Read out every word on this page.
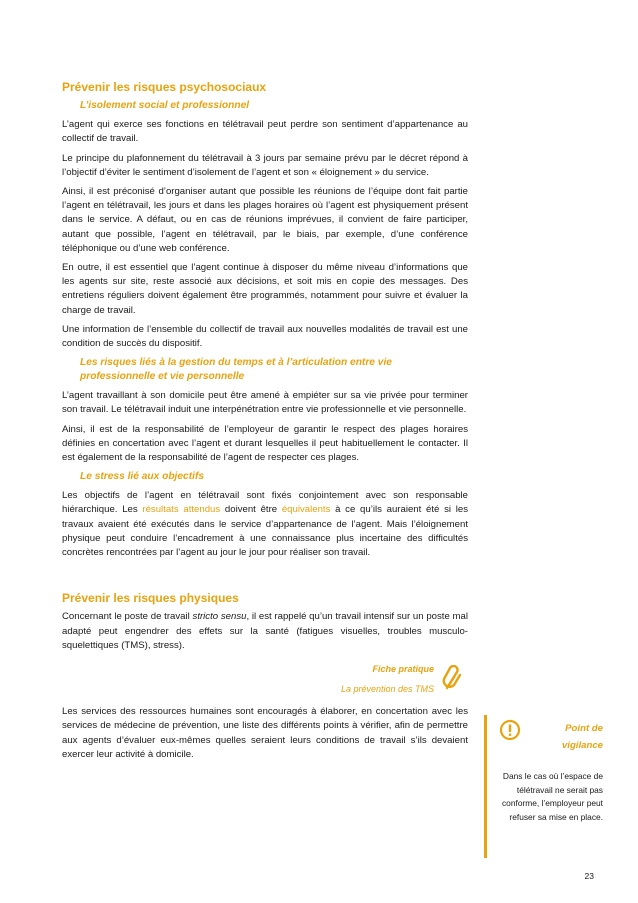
Prévenir les risques psychosociaux
L’isolement social et professionnel

L’agent qui exerce ses fonctions en télétravail peut perdre son sentiment d’appartenance au collectif de travail.

Le principe du plafonnement du télétravail à 3 jours par semaine prévu par le décret répond à l’objectif d’éviter le sentiment d’isolement de l’agent et son « éloignement » du service.

Ainsi, il est préconisé d’organiser autant que possible les réunions de l’équipe dont fait partie l’agent en télétravail, les jours et dans les plages horaires où l’agent est physiquement présent dans le service. A défaut, ou en cas de réunions imprévues, il convient de faire participer, autant que possible, l’agent en télétravail, par le biais, par exemple, d’une conférence téléphonique ou d’une web conférence.

En outre, il est essentiel que l’agent continue à disposer du même niveau d’informations que les agents sur site, reste associé aux décisions, et soit mis en copie des messages. Des entretiens réguliers doivent également être programmés, notamment pour suivre et évaluer la charge de travail.

Une information de l’ensemble du collectif de travail aux nouvelles modalités de travail est une condition de succès du dispositif.

Les risques liés à la gestion du temps et à l’articulation entre vie professionnelle et vie personnelle

L’agent travaillant à son domicile peut être amené à empiéter sur sa vie privée pour terminer son travail. Le télétravail induit une interpénétration entre vie professionnelle et vie personnelle.

Ainsi, il est de la responsabilité de l’employeur de garantir le respect des plages horaires définies en concertation avec l’agent et durant lesquelles il peut habituellement le contacter. Il est également de la responsabilité de l’agent de respecter ces plages.

Le stress lié aux objectifs

Les objectifs de l’agent en télétravail sont fixés conjointement avec son responsable hiérarchique. Les résultats attendus doivent être équivalents à ce qu’ils auraient été si les travaux avaient été exécutés dans le service d’appartenance de l’agent. Mais l’éloignement physique peut conduire l’encadrement à une connaissance plus incertaine des difficultés concrètes rencontrées par l’agent au jour le jour pour réaliser son travail.

Prévenir les risques physiques

Concernant le poste de travail stricto sensu, il est rappelé qu’un travail intensif sur un poste mal adapté peut engendrer des effets sur la santé (fatigues visuelles, troubles musculo-squelettiques (TMS), stress).

Fiche pratique
La prévention des TMS

Les services des ressources humaines sont encouragés à élaborer, en concertation avec les services de médecine de prévention, une liste des différents points à vérifier, afin de permettre aux agents d’évaluer eux-mêmes quelles seraient leurs conditions de travail s’ils devaient exercer leur activité à domicile.

Point de
vigilance
Dans le cas où l’espace de télétravail ne serait pas conforme, l’employeur peut refuser sa mise en place.
23
